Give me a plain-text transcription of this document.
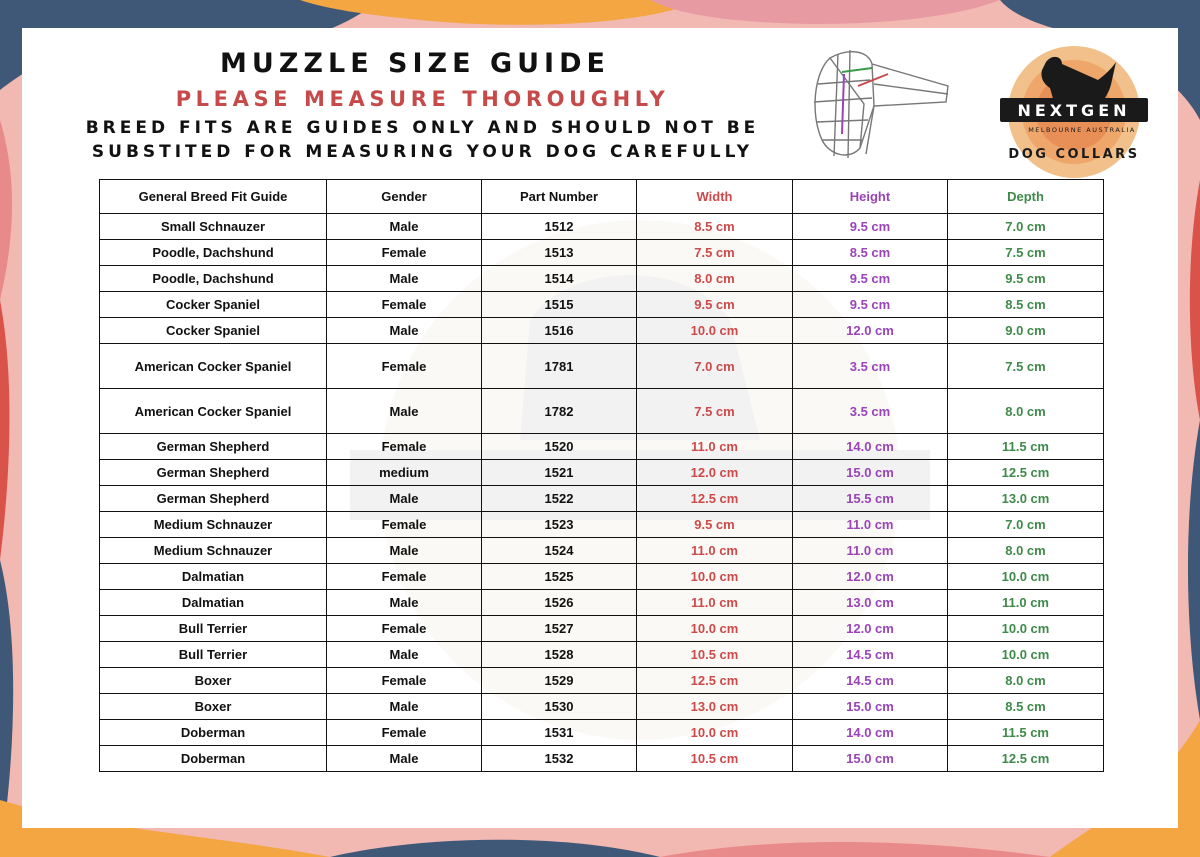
MUZZLE SIZE GUIDE
PLEASE MEASURE THOROUGHLY
BREED FITS ARE GUIDES ONLY AND SHOULD NOT BE
SUBSTITED FOR MEASURING YOUR DOG CAREFULLY
NEXTGEN
MELBOURNE AUSTRALIA
DOG COLLARS
General Breed Fit Guide	Gender	Part Number	Width	Height	Depth
Small Schnauzer	Male	1512	8.5 cm	9.5 cm	7.0 cm
Poodle, Dachshund	Female	1513	7.5 cm	8.5 cm	7.5 cm
Poodle, Dachshund	Male	1514	8.0 cm	9.5 cm	9.5 cm
Cocker Spaniel	Female	1515	9.5 cm	9.5 cm	8.5 cm
Cocker Spaniel	Male	1516	10.0 cm	12.0 cm	9.0 cm
American Cocker Spaniel	Female	1781	7.0 cm	3.5 cm	7.5 cm
American Cocker Spaniel	Male	1782	7.5 cm	3.5 cm	8.0 cm
German Shepherd	Female	1520	11.0 cm	14.0 cm	11.5 cm
German Shepherd	medium	1521	12.0 cm	15.0 cm	12.5 cm
German Shepherd	Male	1522	12.5 cm	15.5 cm	13.0 cm
Medium Schnauzer	Female	1523	9.5 cm	11.0 cm	7.0 cm
Medium Schnauzer	Male	1524	11.0 cm	11.0 cm	8.0 cm
Dalmatian	Female	1525	10.0 cm	12.0 cm	10.0 cm
Dalmatian	Male	1526	11.0 cm	13.0 cm	11.0 cm
Bull Terrier	Female	1527	10.0 cm	12.0 cm	10.0 cm
Bull Terrier	Male	1528	10.5 cm	14.5 cm	10.0 cm
Boxer	Female	1529	12.5 cm	14.5 cm	8.0 cm
Boxer	Male	1530	13.0 cm	15.0 cm	8.5 cm
Doberman	Female	1531	10.0 cm	14.0 cm	11.5 cm
Doberman	Male	1532	10.5 cm	15.0 cm	12.5 cm
